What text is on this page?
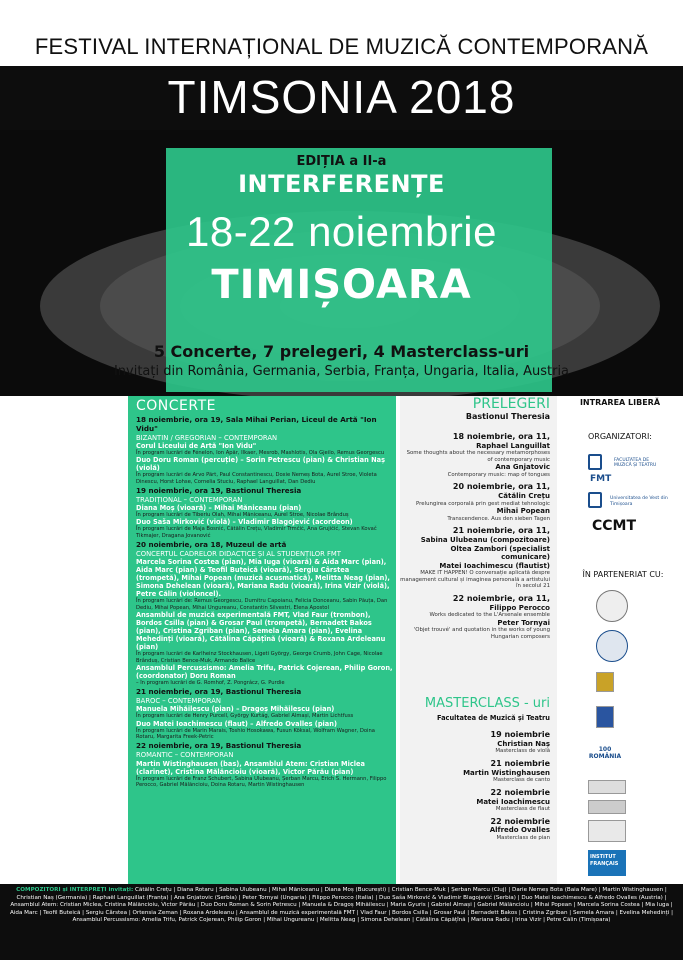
FESTIVAL INTERNAȚIONAL DE MUZICĂ CONTEMPORANĂ
TIMSONIA 2018
EDIȚIA a II-a
INTERFERENȚE
18-22 noiembrie
TIMIȘOARA
5 Concerte, 7 prelegeri, 4 Masterclass-uri
Invitați din România, Germania, Serbia, Franța, Ungaria, Italia, Austria
CONCERTE
18 noiembrie, ora 19, Sala Mihai Perian, Liceul de Artă "Ion Vidu"
BIZANTIN / GREGORIAN – CONTEMPORAN
Corul Liceului de Artă "Ion Vidu"
În program lucrări de Fénelon, Ion Apăr, Ilkaer, Mesrob, Mashlotis, Ola Gjeilo, Remus Georgescu
Duo Doru Roman (percuție) – Sorin Petrescu (pian) & Christian Naș (violă)
În program lucrări de Arvo Pärt, Paul Constantinescu, Doxie Nemeș Bota, Aurel Stroe, Violeta Dinescu, Horst Lohse, Cornelia Stuciu, Raphael Languillat, Dan Dediu
19 noiembrie, ora 19, Bastionul Theresia
TRADIȚIONAL – CONTEMPORAN
Diana Moș (vioară) – Mihai Măniceanu (pian)
În program lucrări de Tiberiu Olah, Mihai Măniceanu, Aurel Stroe, Nicolae Brânduș
Duo Saša Mirković (violă) – Vladimir Blagojević (acordeon)
În program lucrări de Maja Bosnić, Cătălin Crețu, Vladimir Trmčić, Ana Grujičić, Stevan Kovač Tikmajer, Dragana Jovanović
20 noiembrie, ora 18, Muzeul de artă
CONCERTUL CADRELOR DIDACTICE ȘI AL STUDENȚILOR FMT
Marcela Sorina Costea (pian), Mia Iuga (vioară) & Aida Marc (pian), Aida Marc (pian) & Teofil Buteică (vioară), Sergiu Cârstea (trompetă), Mihai Popean (muzică acusmatică), Melitta Neag (pian), Simona Dehelean (vioară), Mariana Radu (vioară), Irina Vizir (violă), Petre Călin (violoncel).
În program lucrări de: Remus Georgescu, Dumitru Capoianu, Felicia Donceanu, Sabin Păuța, Dan Dediu, Mihai Popean, Mihai Ungureanu, Constantin Silvestri, Elena Apostol
Ansamblul de muzică experimentală FMT, Vlad Faur (trombon), Bordos Csilla (pian) & Grosar Paul (trompetă), Bernadett Bakos (pian), Cristina Zgriban (pian), Semela Amara (pian), Evelina Mehedinți (vioară), Cătălina Căpățînă (vioară) & Roxana Ardeleanu (pian)
În program lucrări de Karlheinz Stockhausen, Ligeti György, George Crumb, John Cage, Nicolae Brânduș, Cristian Bence-Muk, Armando Balice
Ansamblul Percussismo: Amelia Trifu, Patrick Cojerean, Philip Goron, (coordonator) Doru Roman
– în program lucrări de G. Romhof, Z. Pongrácz, G. Purdie
21 noiembrie, ora 19, Bastionul Theresia
BAROC – CONTEMPORAN
Manuela Mihăilescu (pian) – Dragoș Mihăilescu (pian)
În program lucrări de Henry Purcell, György Kurtág, Gabriel Almași, Martin Lichtfuss
Duo Matei Ioachimescu (flaut) – Alfredo Ovalles (pian)
În program lucrări de Marin Marais, Toshio Hosokawa, Fusun Köksal, Wolfram Wagner, Doina Rotaru, Margarita Freek-Petric
22 noiembrie, ora 19, Bastionul Theresia
ROMANTIC – CONTEMPORAN
Martin Wistinghausen (bas), Ansamblul Atem: Cristian Miclea (clarinet), Cristina Mălăncioiu (vioară), Victor Părău (pian)
În program lucrări de Franz Schubert, Sabina Ulubeanu, Șerban Marcu, Erich S. Hermann, Filippo Perocco, Gabriel Mălăncioiu, Doina Rotaru, Martin Wistinghausen
PRELEGERI
Bastionul Theresia
18 noiembrie, ora 11,
Raphael Languillat
Some thoughts about the necessary metamorphoses of contemporary music
Ana Gnjatovic
Contemporary music: map of tongues
20 noiembrie, ora 11,
Cătălin Crețu
Prelungirea corporală prin gest mediat tehnologic
Mihai Popean
Transcendence. Aus den sieben Tagen
21 noiembrie, ora 11,
Sabina Ulubeanu (compozitoare)
Oltea Zambori (specialist comunicare)
Matei Ioachimescu (flautist)
MAKE IT HAPPEN! O conversație aplicată despre management cultural și imaginea personală a artistului în secolul 21
22 noiembrie, ora 11,
Filippo Perocco
Works dedicated to the L'Arsenale ensemble
Peter Tornyai
'Objet trouvé' and quotation in the works of young Hungarian composers
MASTERCLASS - uri
Facultatea de Muzică și Teatru
19 noiembrie
Christian Naș
Masterclass de violă
21 noiembrie
Martin Wistinghausen
Masterclass de canto
22 noiembrie
Matei Ioachimescu
Masterclass de flaut
22 noiembrie
Alfredo Ovalles
Masterclass de pian
INTRAREA LIBERĂ
ORGANIZATORI:
FMT
FACULTATEA DE MUZICĂ ȘI TEATRU
Universitatea de Vest din Timișoara
CCMT
ÎN PARTENERIAT CU:
100 ROMÂNIA
INSTITUT FRANÇAIS
COMPOZITORI și INTERPREȚI invitați: Cătălin Crețu | Diana Rotaru | Sabina Ulubeanu | Mihai Măniceanu | Diana Moș (București) | Cristian Bence-Muk | Șerban Marcu (Cluj) | Darie Nemeș Bota (Baia Mare) | Martin Wistinghausen | Christian Naș (Germania) | Raphaël Languillat (Franța) | Ana Gnjatovic (Serbia) | Peter Tornyai (Ungaria) | Filippo Perocco (Italia) | Duo Saša Mirković & Vladimir Blagojević (Serbia) | Duo Matei Ioachimescu & Alfredo Ovalles (Austria) | Ansamblul Atem: Cristian Miclea, Cristina Mălăncioiu, Victor Părău | Duo Doru Roman & Sorin Petrescu | Manuela & Dragoș Mihăilescu | Maria Gyuris | Gabriel Almași | Gabriel Mălăncioiu | Mihai Popean | Marcela Sorina Costea | Mia Iuga | Aida Marc | Teofil Buteică | Sergiu Cârstea | Ortensia Zeman | Roxana Ardeleanu | Ansamblul de muzică experimentală FMT | Vlad Faur | Bordos Csilla | Grosar Paul | Bernadett Bakos | Cristina Zgriban | Semela Amara | Evelina Mehedinți | Ansamblul Percussismo: Amelia Trifu, Patrick Cojerean, Philip Goron | Mihai Ungureanu | Melitta Neag | Simona Dehelean | Cătălina Căpățînă | Mariana Radu | Irina Vizir | Petre Călin (Timișoara)
